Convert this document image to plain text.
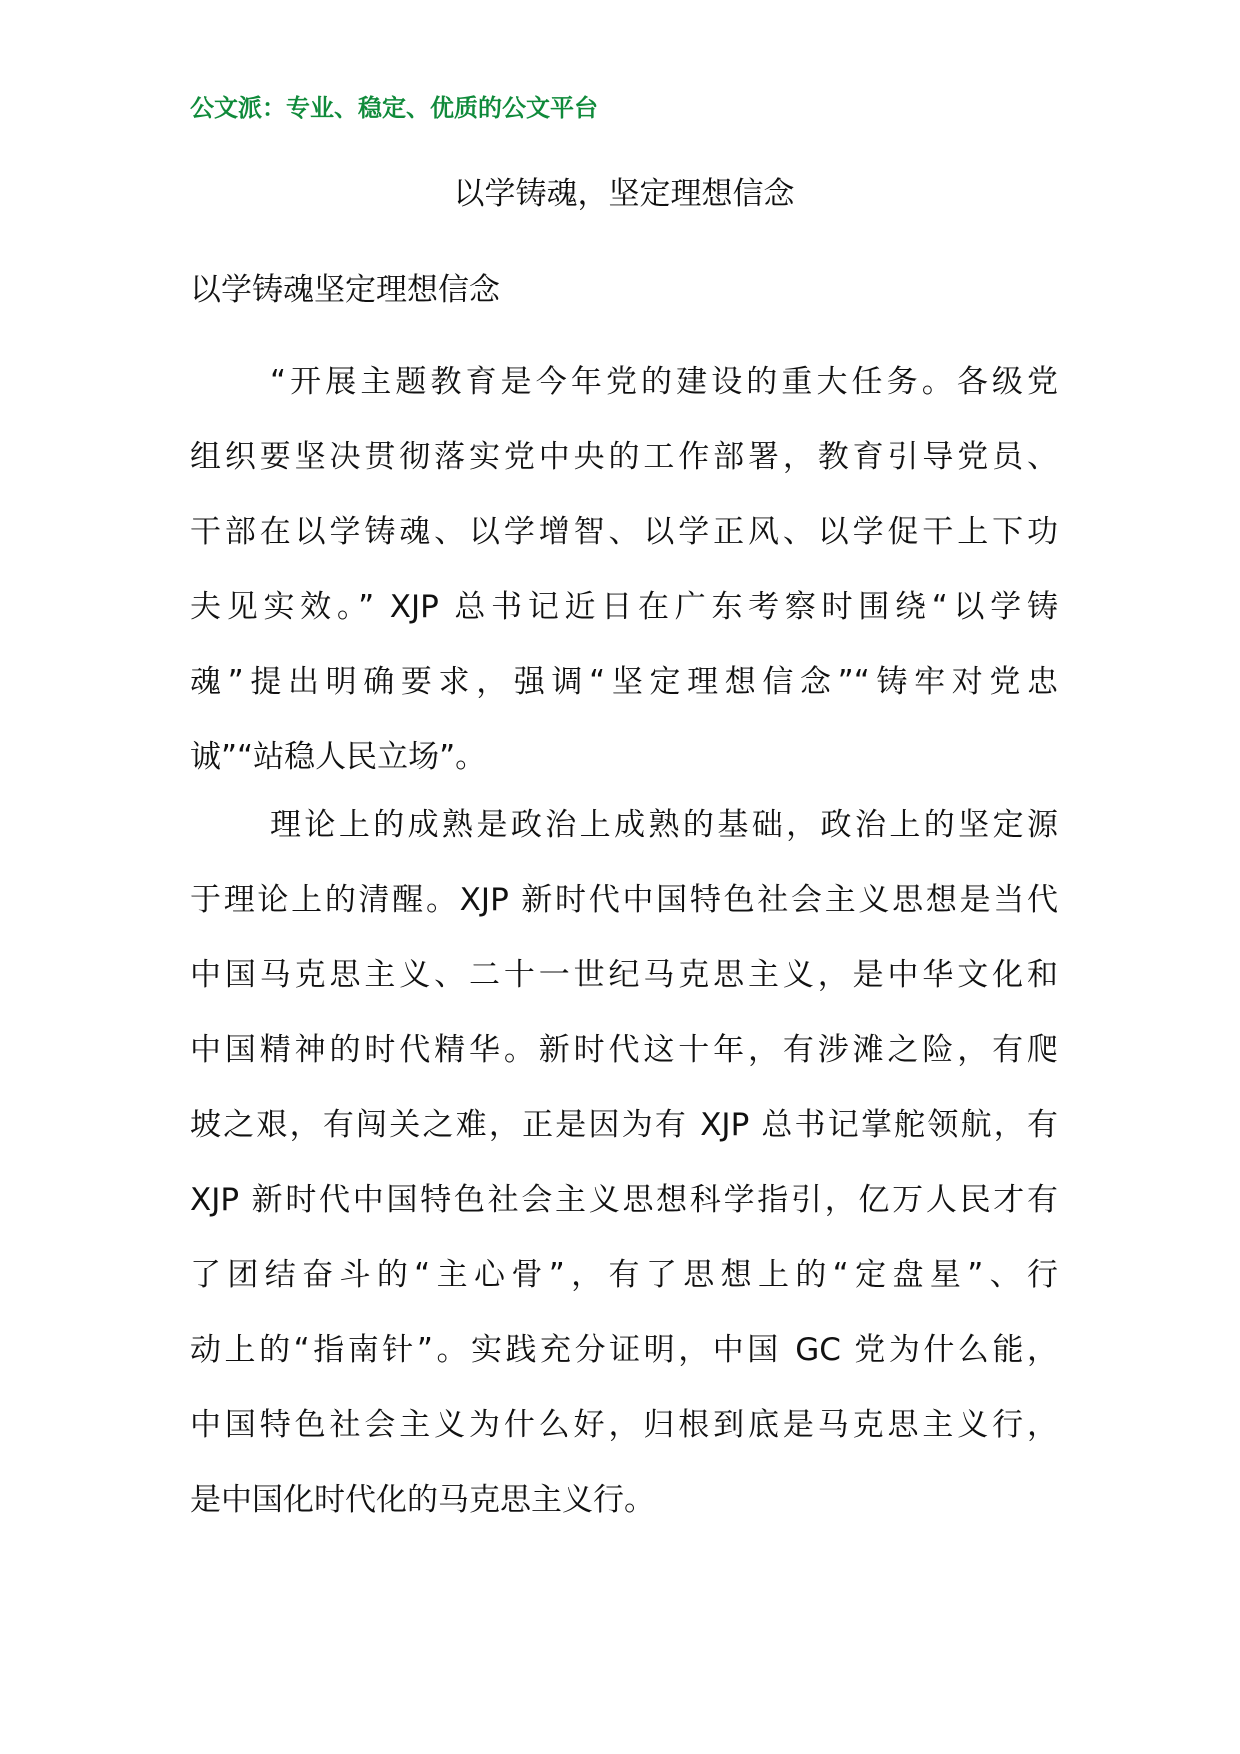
公文派：专业、稳定、优质的公文平台
以学铸魂，坚定理想信念
以学铸魂坚定理想信念
“开展主题教育是今年党的建设的重大任务。各级党
组织要坚决贯彻落实党中央的工作部署，教育引导党员、
干部在以学铸魂、以学增智、以学正风、以学促干上下功
夫见实效。” XJP 总书记近日在广东考察时围绕“以学铸
魂”提出明确要求，强调“坚定理想信念”“铸牢对党忠
诚”“站稳人民立场”。
理论上的成熟是政治上成熟的基础，政治上的坚定源
于理论上的清醒。XJP 新时代中国特色社会主义思想是当代
中国马克思主义、二十一世纪马克思主义，是中华文化和
中国精神的时代精华。新时代这十年，有涉滩之险，有爬
坡之艰，有闯关之难，正是因为有 XJP 总书记掌舵领航，有
XJP 新时代中国特色社会主义思想科学指引，亿万人民才有
了团结奋斗的“主心骨”，有了思想上的“定盘星”、行
动上的“指南针”。实践充分证明，中国 GC 党为什么能，
中国特色社会主义为什么好，归根到底是马克思主义行，
是中国化时代化的马克思主义行。
